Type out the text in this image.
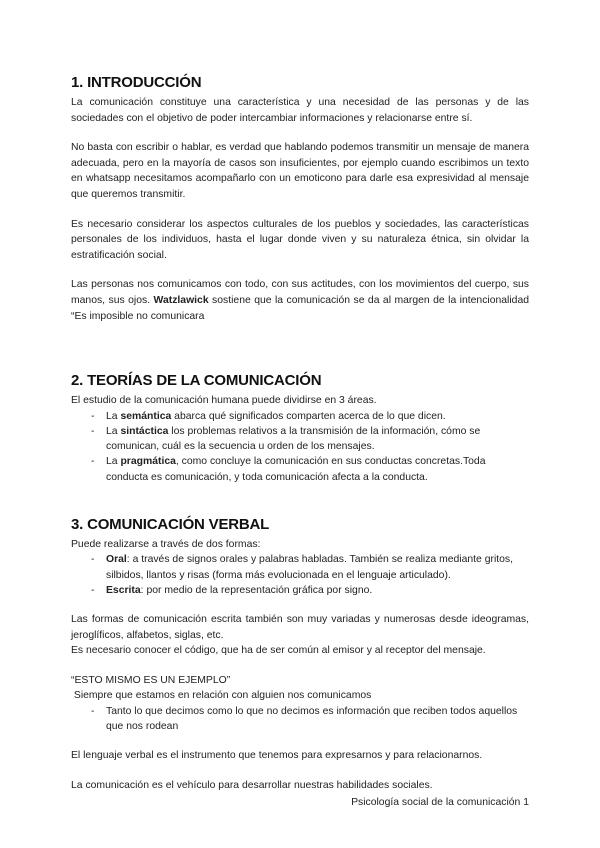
1. INTRODUCCIÓN

La comunicación constituye una característica y una necesidad de las personas y de las sociedades con el objetivo de poder intercambiar informaciones y relacionarse entre sí.

No basta con escribir o hablar, es verdad que hablando podemos transmitir un mensaje de manera adecuada, pero en la mayoría de casos son insuficientes, por ejemplo cuando escribimos un texto en whatsapp necesitamos acompañarlo con un emoticono para darle esa expresividad al mensaje que queremos transmitir.

Es necesario considerar los aspectos culturales de los pueblos y sociedades, las características personales de los individuos, hasta el lugar donde viven y su naturaleza étnica, sin olvidar la estratificación social.

Las personas nos comunicamos con todo, con sus actitudes, con los movimientos del cuerpo, sus manos, sus ojos. Watzlawick sostiene que la comunicación se da al margen de la intencionalidad “Es imposible no comunicara

2. TEORÍAS DE LA COMUNICACIÓN

El estudio de la comunicación humana puede dividirse en 3 áreas.

- La semántica abarca qué significados comparten acerca de lo que dicen.
- La sintáctica los problemas relativos a la transmisión de la información, cómo se comunican, cuál es la secuencia u orden de los mensajes.
- La pragmática, como concluye la comunicación en sus conductas concretas.Toda conducta es comunicación, y toda comunicación afecta a la conducta.
3. COMUNICACIÓN VERBAL

Puede realizarse a través de dos formas:

- Oral: a través de signos orales y palabras habladas. También se realiza mediante gritos, silbidos, llantos y risas (forma más evolucionada en el lenguaje articulado).
- Escrita: por medio de la representación gráfica por signo.

Las formas de comunicación escrita también son muy variadas y numerosas desde ideogramas, jeroglíficos, alfabetos, siglas, etc.

Es necesario conocer el código, que ha de ser común al emisor y al receptor del mensaje.

“ESTO MISMO ES UN EJEMPLO”

Siempre que estamos en relación con alguien nos comunicamos

- Tanto lo que decimos como lo que no decimos es información que reciben todos aquellos que nos rodean

El lenguaje verbal es el instrumento que tenemos para expresarnos y para relacionarnos.

La comunicación es el vehículo para desarrollar nuestras habilidades sociales.

Psicología social de la comunicación 1
